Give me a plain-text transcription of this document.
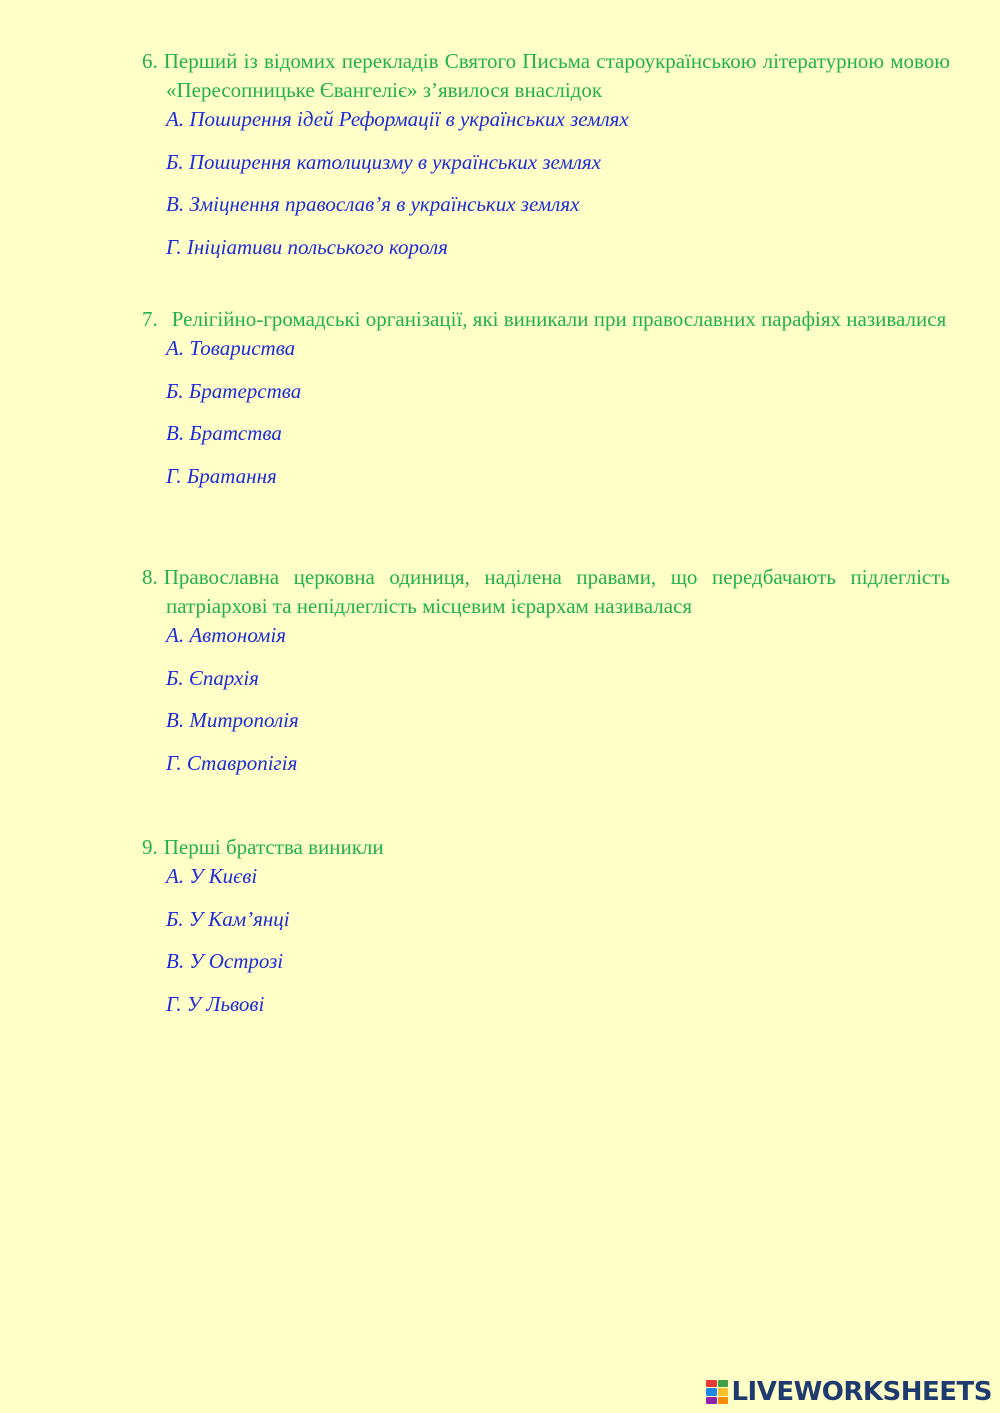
6. Перший із відомих перекладів Святого Письма староукраїнською літературною мовою «Пересопницьке Євангеліє» з’явилося внаслідок

А. Поширення ідей Реформації в українських землях
Б. Поширення католицизму в українських землях
В. Зміцнення православ’я в українських землях
Г. Ініціативи польського короля

7. Релігійно-громадські організації, які виникали при православних парафіях називалися

А. Товариства
Б. Братерства
В. Братства
Г. Братання

8. Православна церковна одиниця, наділена правами, що передбачають підлеглість патріархові та непідлеглість місцевим ієрархам називалася

А. Автономія
Б. Єпархія
В. Митрополія
Г. Ставропігія

9. Перші братства виникли

А. У Києві
Б. У Кам’янці
В. У Острозі
Г. У Львові
LIVEWORKSHEETS
